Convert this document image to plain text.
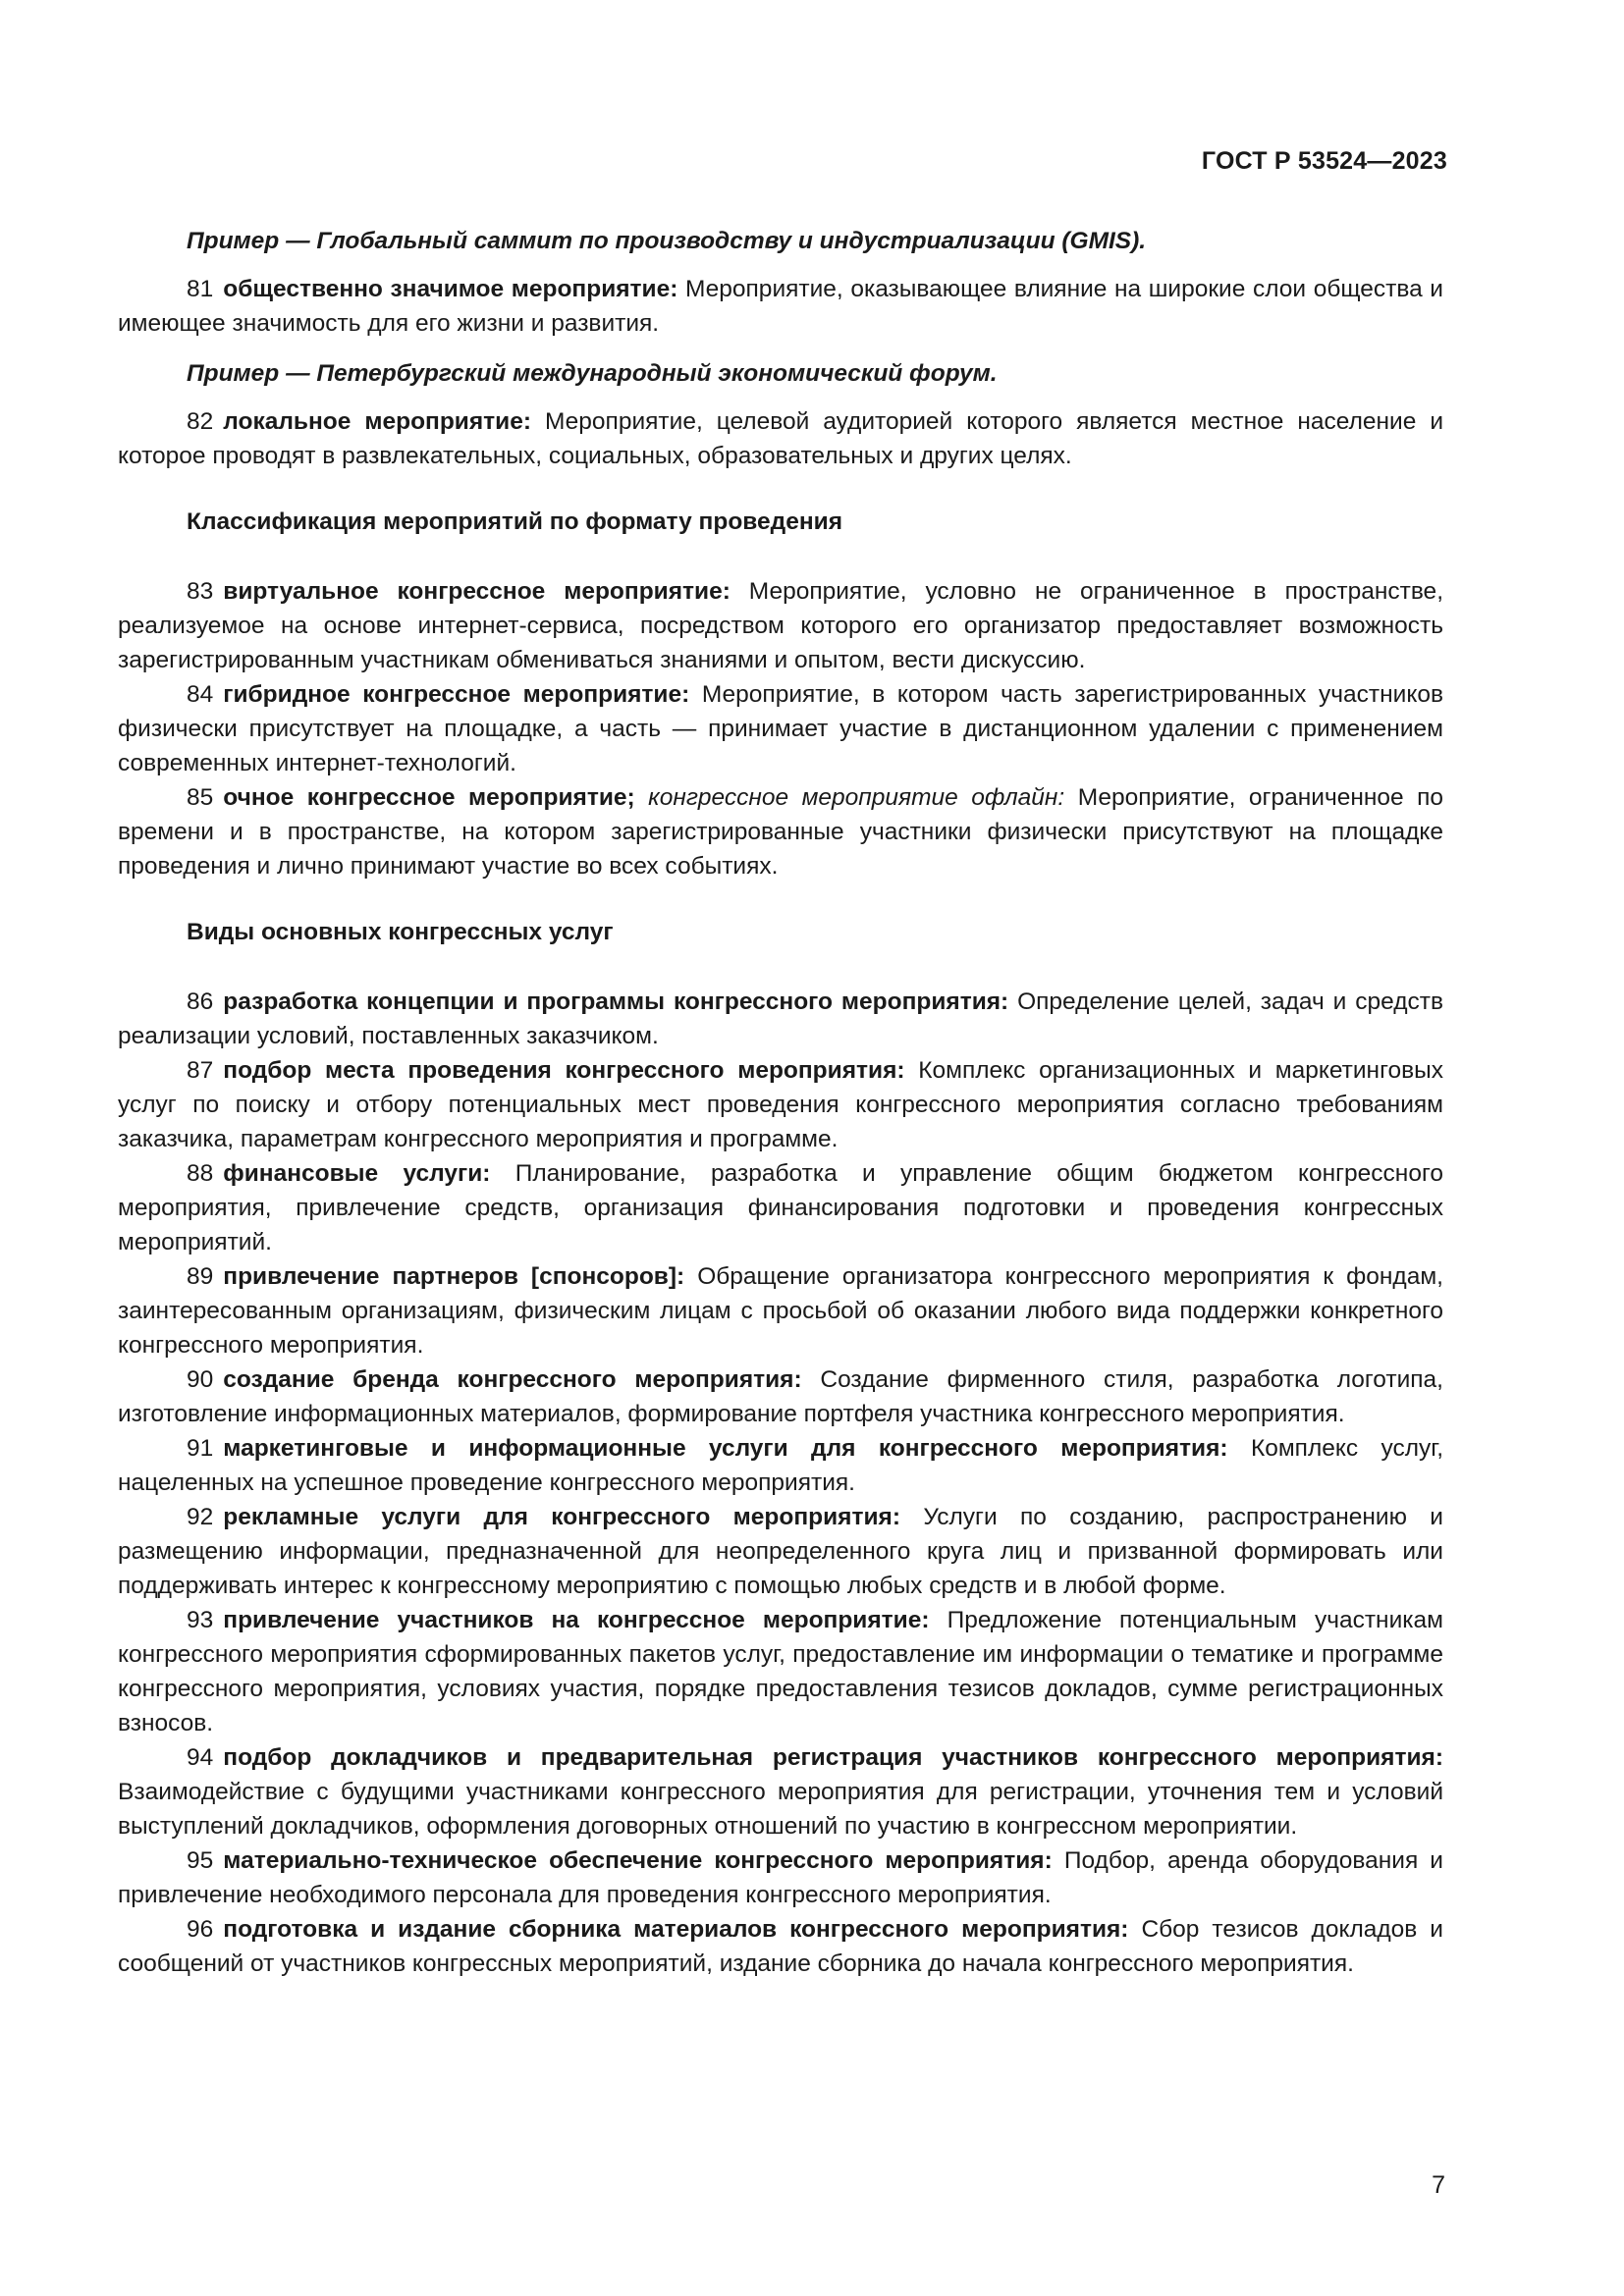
ГОСТ Р 53524—2023

Пример — Глобальный саммит по производству и индустриализации (GMIS).

81 общественно значимое мероприятие: Мероприятие, оказывающее влияние на широкие слои общества и имеющее значимость для его жизни и развития.

Пример — Петербургский международный экономический форум.

82 локальное мероприятие: Мероприятие, целевой аудиторией которого является местное население и которое проводят в развлекательных, социальных, образовательных и других целях.

Классификация мероприятий по формату проведения

83 виртуальное конгрессное мероприятие: Мероприятие, условно не ограниченное в пространстве, реализуемое на основе интернет-сервиса, посредством которого его организатор предоставляет возможность зарегистрированным участникам обмениваться знаниями и опытом, вести дискуссию.

84 гибридное конгрессное мероприятие: Мероприятие, в котором часть зарегистрированных участников физически присутствует на площадке, а часть — принимает участие в дистанционном удалении с применением современных интернет-технологий.

85 очное конгрессное мероприятие; конгрессное мероприятие офлайн: Мероприятие, ограниченное по времени и в пространстве, на котором зарегистрированные участники физически присутствуют на площадке проведения и лично принимают участие во всех событиях.

Виды основных конгрессных услуг

86 разработка концепции и программы конгрессного мероприятия: Определение целей, задач и средств реализации условий, поставленных заказчиком.

87 подбор места проведения конгрессного мероприятия: Комплекс организационных и маркетинговых услуг по поиску и отбору потенциальных мест проведения конгрессного мероприятия согласно требованиям заказчика, параметрам конгрессного мероприятия и программе.

88 финансовые услуги: Планирование, разработка и управление общим бюджетом конгрессного мероприятия, привлечение средств, организация финансирования подготовки и проведения конгрессных мероприятий.

89 привлечение партнеров [спонсоров]: Обращение организатора конгрессного мероприятия к фондам, заинтересованным организациям, физическим лицам с просьбой об оказании любого вида поддержки конкретного конгрессного мероприятия.

90 создание бренда конгрессного мероприятия: Создание фирменного стиля, разработка логотипа, изготовление информационных материалов, формирование портфеля участника конгрессного мероприятия.

91 маркетинговые и информационные услуги для конгрессного мероприятия: Комплекс услуг, нацеленных на успешное проведение конгрессного мероприятия.

92 рекламные услуги для конгрессного мероприятия: Услуги по созданию, распространению и размещению информации, предназначенной для неопределенного круга лиц и призванной формировать или поддерживать интерес к конгрессному мероприятию с помощью любых средств и в любой форме.

93 привлечение участников на конгрессное мероприятие: Предложение потенциальным участникам конгрессного мероприятия сформированных пакетов услуг, предоставление им информации о тематике и программе конгрессного мероприятия, условиях участия, порядке предоставления тезисов докладов, сумме регистрационных взносов.

94 подбор докладчиков и предварительная регистрация участников конгрессного мероприятия: Взаимодействие с будущими участниками конгрессного мероприятия для регистрации, уточнения тем и условий выступлений докладчиков, оформления договорных отношений по участию в конгрессном мероприятии.

95 материально-техническое обеспечение конгрессного мероприятия: Подбор, аренда оборудования и привлечение необходимого персонала для проведения конгрессного мероприятия.

96 подготовка и издание сборника материалов конгрессного мероприятия: Сбор тезисов докладов и сообщений от участников конгрессных мероприятий, издание сборника до начала конгрессного мероприятия.

7
